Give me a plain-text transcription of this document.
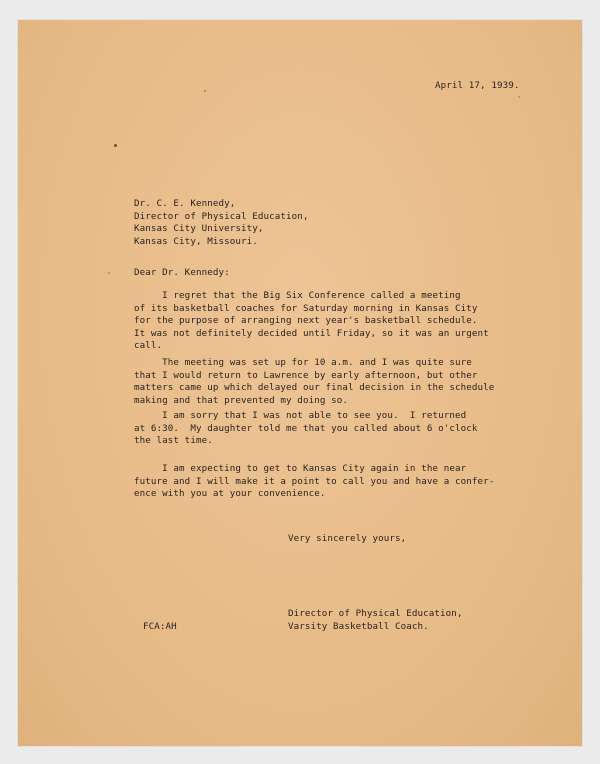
April 17, 1939.
Dr. C. E. Kennedy,
Director of Physical Education,
Kansas City University,
Kansas City, Missouri.
Dear Dr. Kennedy:
I regret that the Big Six Conference called a meeting
of its basketball coaches for Saturday morning in Kansas City
for the purpose of arranging next year's basketball schedule.
It was not definitely decided until Friday, so it was an urgent
call.
The meeting was set up for 10 a.m. and I was quite sure
that I would return to Lawrence by early afternoon, but other
matters came up which delayed our final decision in the schedule
making and that prevented my doing so.
I am sorry that I was not able to see you.  I returned
at 6:30.  My daughter told me that you called about 6 o'clock
the last time.
I am expecting to get to Kansas City again in the near
future and I will make it a point to call you and have a confer-
ence with you at your convenience.
Very sincerely yours,
Director of Physical Education,
Varsity Basketball Coach.
FCA:AH
